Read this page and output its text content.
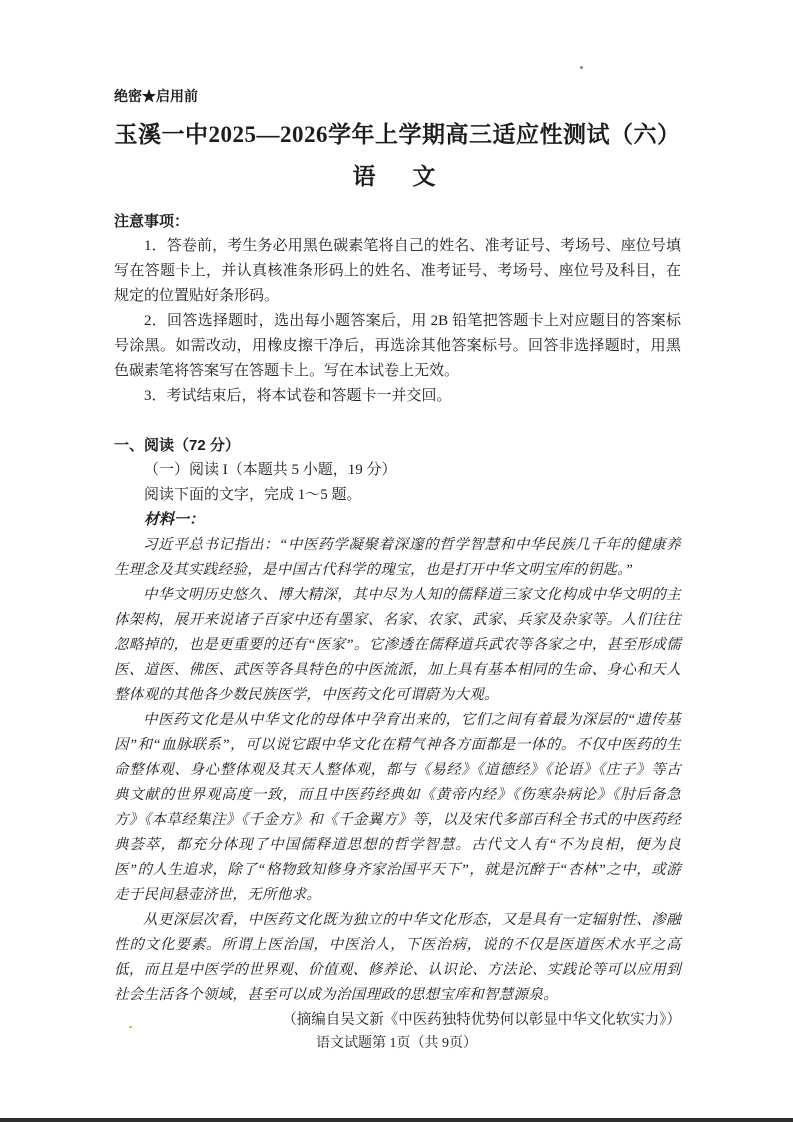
绝密★启用前
玉溪一中2025—2026学年上学期高三适应性测试（六）
语　文
注意事项：

1．答卷前，考生务必用黑色碳素笔将自己的姓名、准考证号、考场号、座位号填写在答题卡上，并认真核准条形码上的姓名、准考证号、考场号、座位号及科目，在规定的位置贴好条形码。

2．回答选择题时，选出每小题答案后，用 2B 铅笔把答题卡上对应题目的答案标号涂黑。如需改动，用橡皮擦干净后，再选涂其他答案标号。回答非选择题时，用黑色碳素笔将答案写在答题卡上。写在本试卷上无效。

3．考试结束后，将本试卷和答题卡一并交回。

一、阅读（72 分）
（一）阅读 I（本题共 5 小题，19 分）
阅读下面的文字，完成 1～5 题。
材料一：

习近平总书记指出：“中医药学凝聚着深邃的哲学智慧和中华民族几千年的健康养生理念及其实践经验，是中国古代科学的瑰宝，也是打开中华文明宝库的钥匙。”

中华文明历史悠久、博大精深，其中尽为人知的儒释道三家文化构成中华文明的主体架构，展开来说诸子百家中还有墨家、名家、农家、武家、兵家及杂家等。人们往往忽略掉的，也是更重要的还有“医家”。它渗透在儒释道兵武农等各家之中，甚至形成儒医、道医、佛医、武医等各具特色的中医流派，加上具有基本相同的生命、身心和天人整体观的其他各少数民族医学，中医药文化可谓蔚为大观。

中医药文化是从中华文化的母体中孕育出来的，它们之间有着最为深层的“遗传基因”和“血脉联系”，可以说它跟中华文化在精气神各方面都是一体的。不仅中医药的生命整体观、身心整体观及其天人整体观，都与《易经》《道德经》《论语》《庄子》等古典文献的世界观高度一致，而且中医药经典如《黄帝内经》《伤寒杂病论》《肘后备急方》《本草经集注》《千金方》和《千金翼方》等，以及宋代多部百科全书式的中医药经典荟萃，都充分体现了中国儒释道思想的哲学智慧。古代文人有“不为良相，便为良医”的人生追求，除了“格物致知修身齐家治国平天下”，就是沉醉于“杏林”之中，或游走于民间悬壶济世，无所他求。

从更深层次看，中医药文化既为独立的中华文化形态，又是具有一定辐射性、渗融性的文化要素。所谓上医治国，中医治人，下医治病，说的不仅是医道医术水平之高低，而且是中医学的世界观、价值观、修养论、认识论、方法论、实践论等可以应用到社会生活各个领域，甚至可以成为治国理政的思想宝库和智慧源泉。

（摘编自吴文新《中医药独特优势何以彰显中华文化软实力》）
语文试题第 1页（共 9页）
